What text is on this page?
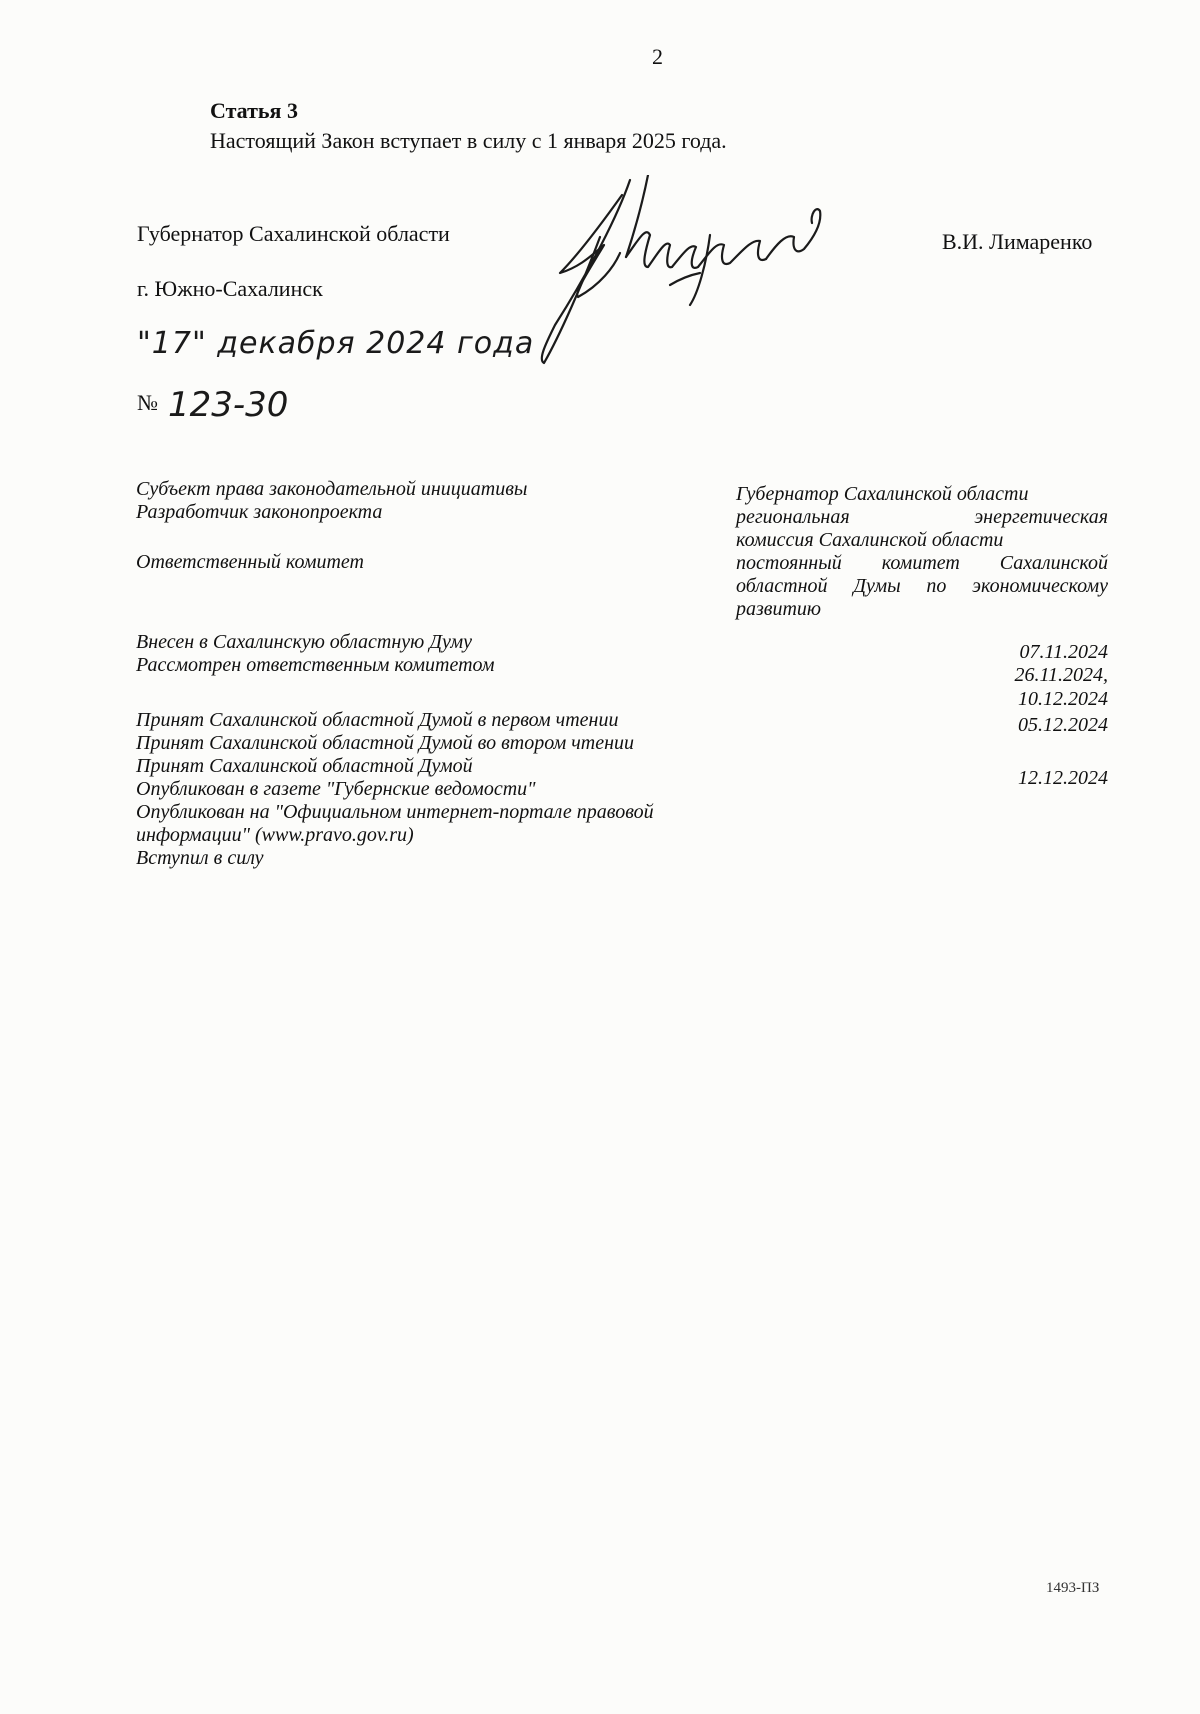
2
Статья 3
Настоящий Закон вступает в силу с 1 января 2025 года.
Губернатор Сахалинской области	В.И. Лимаренко
г. Южно-Сахалинск
"17" декабря 2024 года
№ 123-30
Субъект права законодательной инициативы
Разработчик законопроекта
Ответственный комитет
Внесен в Сахалинскую областную Думу
Рассмотрен ответственным комитетом
Принят Сахалинской областной Думой в первом чтении
Принят Сахалинской областной Думой во втором чтении
Принят Сахалинской областной Думой
Опубликован в газете "Губернские ведомости"
Опубликован на "Официальном интернет-портале правовой
информации" (www.pravo.gov.ru)
Вступил в силу
Губернатор Сахалинской области
региональная энергетическая
комиссия Сахалинской области
постоянный комитет Сахалинской
областной Думы по экономическому
развитию
07.11.2024
26.11.2024,
10.12.2024
05.12.2024
12.12.2024
1493-ПЗ
